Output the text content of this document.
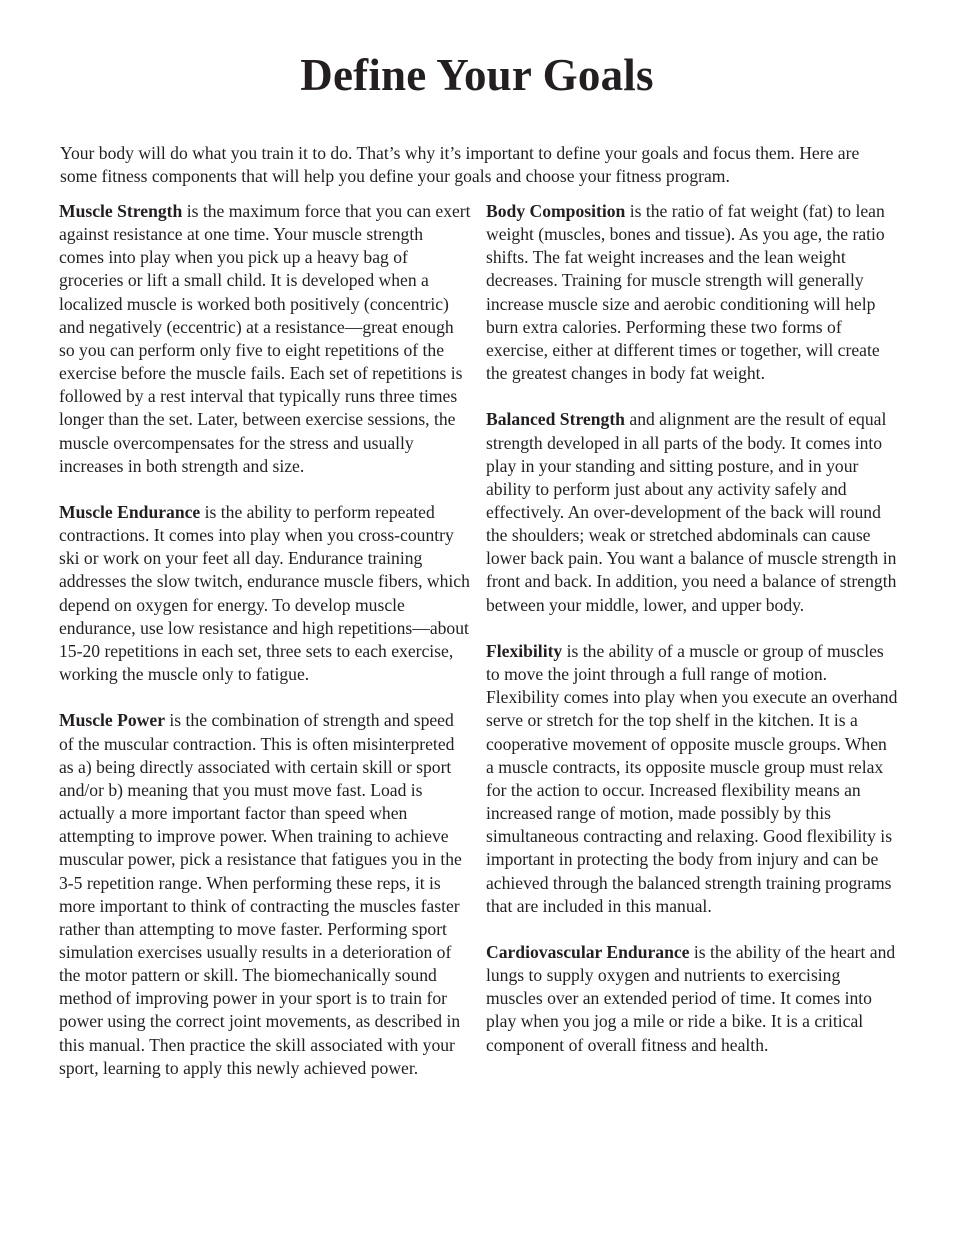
Define Your Goals

Your body will do what you train it to do. That’s why it’s important to define your goals and focus them. Here are some fitness components that will help you define your goals and choose your fitness program.

Muscle Strength is the maximum force that you can exert against resistance at one time. Your muscle strength comes into play when you pick up a heavy bag of groceries or lift a small child. It is developed when a localized muscle is worked both positively (concentric) and negatively (eccentric) at a resistance—great enough so you can perform only five to eight repetitions of the exercise before the muscle fails. Each set of repetitions is followed by a rest interval that typically runs three times longer than the set. Later, between exercise sessions, the muscle overcompensates for the stress and usually increases in both strength and size.

Muscle Endurance is the ability to perform repeated contractions. It comes into play when you cross-country ski or work on your feet all day. Endurance training addresses the slow twitch, endurance muscle fibers, which depend on oxygen for energy. To develop muscle endurance, use low resistance and high repetitions—about 15-20 repetitions in each set, three sets to each exercise, working the muscle only to fatigue.

Muscle Power is the combination of strength and speed of the muscular contraction. This is often misinterpreted as a) being directly associated with certain skill or sport and/or b) meaning that you must move fast. Load is actually a more important factor than speed when attempting to improve power. When training to achieve muscular power, pick a resistance that fatigues you in the 3-5 repetition range. When performing these reps, it is more important to think of contracting the muscles faster rather than attempting to move faster. Performing sport simulation exercises usually results in a deterioration of the motor pattern or skill. The biomechanically sound method of improving power in your sport is to train for power using the correct joint movements, as described in this manual. Then practice the skill associated with your sport, learning to apply this newly achieved power.

Body Composition is the ratio of fat weight (fat) to lean weight (muscles, bones and tissue). As you age, the ratio shifts. The fat weight increases and the lean weight decreases. Training for muscle strength will generally increase muscle size and aerobic conditioning will help burn extra calories. Performing these two forms of exercise, either at different times or together, will create the greatest changes in body fat weight.

Balanced Strength and alignment are the result of equal strength developed in all parts of the body. It comes into play in your standing and sitting posture, and in your ability to perform just about any activity safely and effectively. An over-development of the back will round the shoulders; weak or stretched abdominals can cause lower back pain. You want a balance of muscle strength in front and back. In addition, you need a balance of strength between your middle, lower, and upper body.

Flexibility is the ability of a muscle or group of muscles to move the joint through a full range of motion. Flexibility comes into play when you execute an overhand serve or stretch for the top shelf in the kitchen. It is a cooperative movement of opposite muscle groups. When a muscle contracts, its opposite muscle group must relax for the action to occur. Increased flexibility means an increased range of motion, made possibly by this simultaneous contracting and relaxing. Good flexibility is important in protecting the body from injury and can be achieved through the balanced strength training programs that are included in this manual.

Cardiovascular Endurance is the ability of the heart and lungs to supply oxygen and nutrients to exercising muscles over an extended period of time. It comes into play when you jog a mile or ride a bike. It is a critical component of overall fitness and health.
